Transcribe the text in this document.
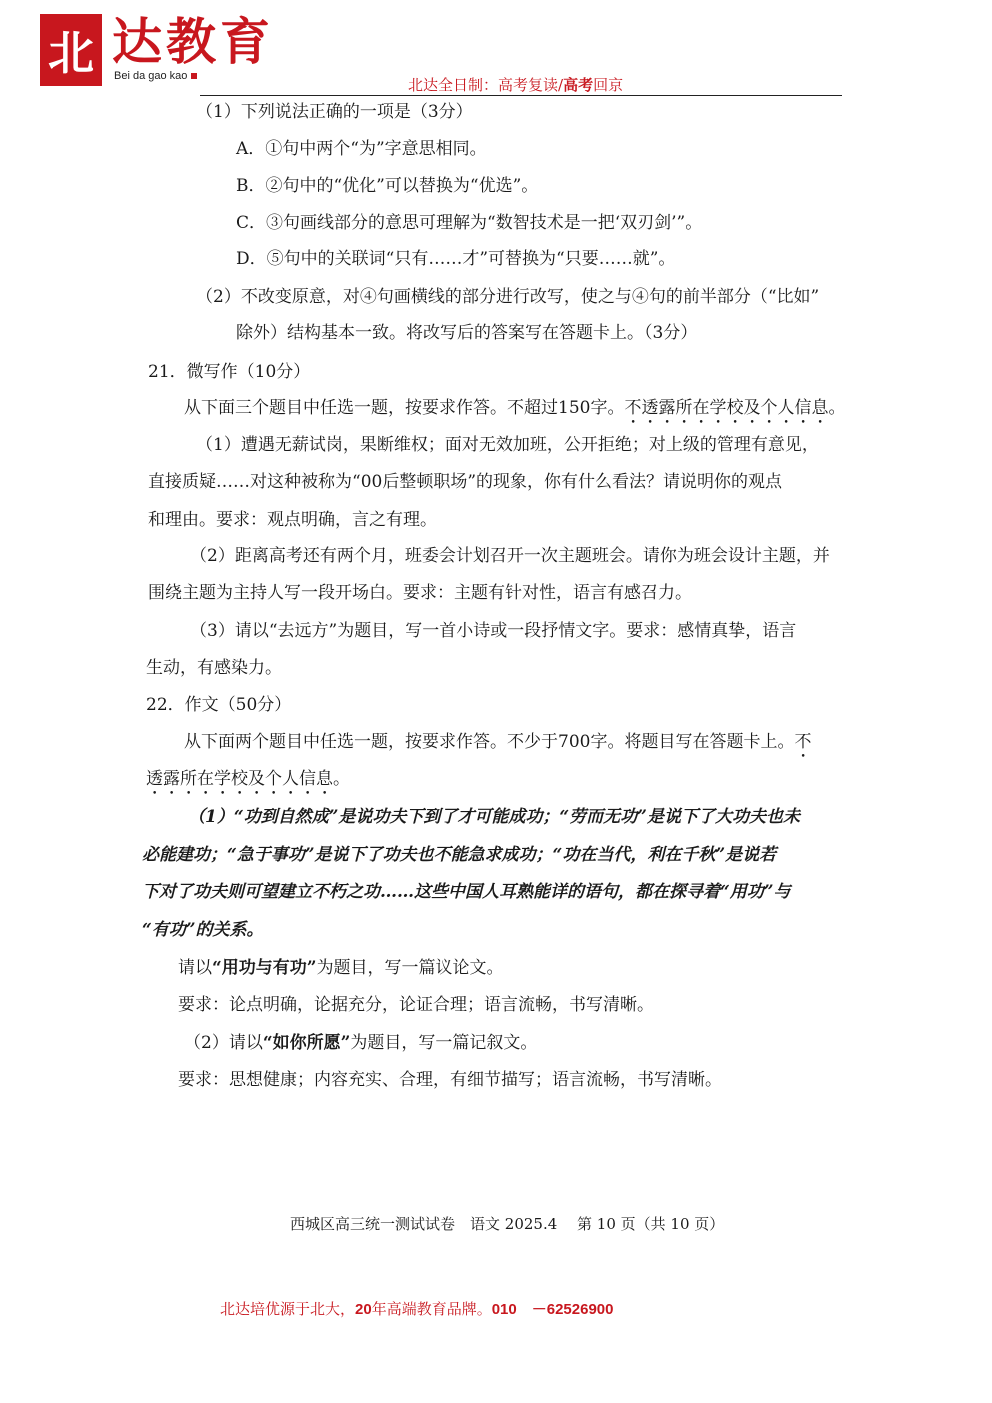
北 达教育
Bei da gao kao	北达全日制：高考复读/高考回京
（1）下列说法正确的一项是（3分）
A．①句中两个“为”字意思相同。
B．②句中的“优化”可以替换为“优选”。
C．③句画线部分的意思可理解为“数智技术是一把‘双刃剑’”。
D．⑤句中的关联词“只有……才”可替换为“只要……就”。
（2）不改变原意，对④句画横线的部分进行改写，使之与④句的前半部分（“比如”
除外）结构基本一致。将改写后的答案写在答题卡上。（3分）
21．微写作（10分）
从下面三个题目中任选一题，按要求作答。不超过150字。不透露所在学校及个人信息。
（1）遭遇无薪试岗，果断维权；面对无效加班，公开拒绝；对上级的管理有意见，
直接质疑……对这种被称为“00后整顿职场”的现象，你有什么看法？请说明你的观点
和理由。要求：观点明确，言之有理。
（2）距离高考还有两个月，班委会计划召开一次主题班会。请你为班会设计主题，并
围绕主题为主持人写一段开场白。要求：主题有针对性，语言有感召力。
（3）请以“去远方”为题目，写一首小诗或一段抒情文字。要求：感情真挚，语言
生动，有感染力。
22．作文（50分）
从下面两个题目中任选一题，按要求作答。不少于700字。将题目写在答题卡上。不
透露所在学校及个人信息。
（1）“功到自然成”是说功夫下到了才可能成功；“劳而无功”是说下了大功夫也未
必能建功；“急于事功”是说下了功夫也不能急求成功；“功在当代，利在千秋”是说若
下对了功夫则可望建立不朽之功……这些中国人耳熟能详的语句，都在探寻着“用功”与
“有功”的关系。
请以“用功与有功”为题目，写一篇议论文。
要求：论点明确，论据充分，论证合理；语言流畅，书写清晰。
（2）请以“如你所愿”为题目，写一篇记叙文。
要求：思想健康；内容充实、合理，有细节描写；语言流畅，书写清晰。
西城区高三统一测试试卷　语文 2025.4　 第 10 页（共 10 页）
北达培优源于北大，20年高端教育品牌。010　－62526900
